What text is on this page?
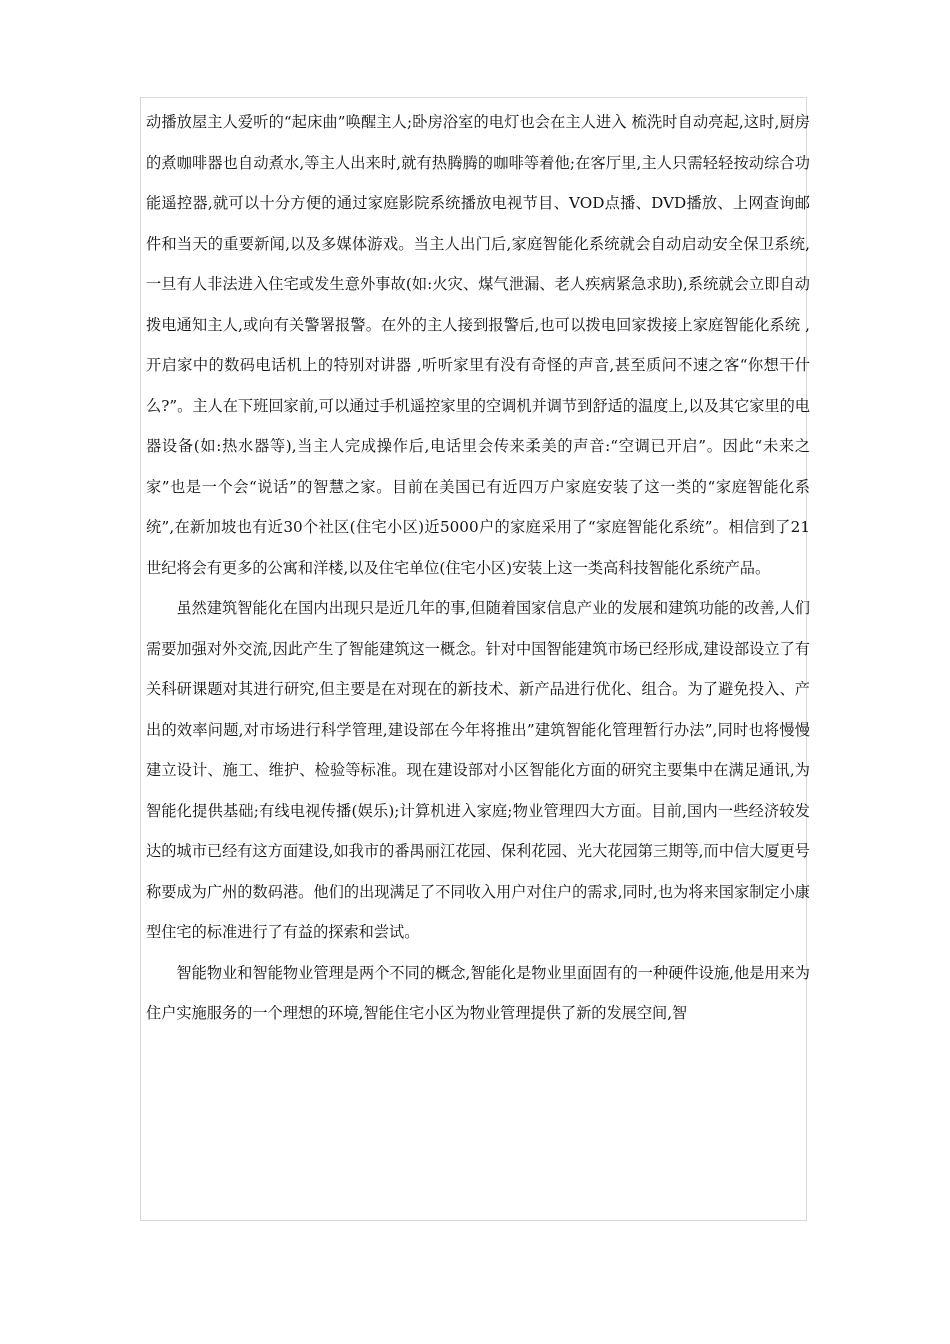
动播放屋主人爱听的“起床曲”唤醒主人;卧房浴室的电灯也会在主人进入 梳洗时自动亮起,这时,厨房的煮咖啡器也自动煮水,等主人出来时,就有热腾腾的咖啡等着他;在客厅里,主人只需轻轻按动综合功能遥控器,就可以十分方便的通过家庭影院系统播放电视节目、VOD点播、DVD播放、上网查询邮件和当天的重要新闻,以及多媒体游戏。当主人出门后,家庭智能化系统就会自动启动安全保卫系统,一旦有人非法进入住宅或发生意外事故(如:火灾、煤气泄漏、老人疾病紧急求助),系统就会立即自动拨电通知主人,或向有关警署报警。在外的主人接到报警后,也可以拨电回家拨接上家庭智能化系统 ,开启家中的数码电话机上的特别对讲器 ,听听家里有没有奇怪的声音,甚至质问不速之客“你想干什么?”。主人在下班回家前,可以通过手机遥控家里的空调机并调节到舒适的温度上,以及其它家里的电器设备(如:热水器等),当主人完成操作后,电话里会传来柔美的声音:“空调已开启”。因此“未来之家”也是一个会“说话”的智慧之家。目前在美国已有近四万户家庭安装了这一类的“家庭智能化系统”,在新加坡也有近30个社区(住宅小区)近5000户的家庭采用了“家庭智能化系统”。相信到了21世纪将会有更多的公寓和洋楼,以及住宅单位(住宅小区)安装上这一类高科技智能化系统产品。

虽然建筑智能化在国内出现只是近几年的事,但随着国家信息产业的发展和建筑功能的改善,人们需要加强对外交流,因此产生了智能建筑这一概念。针对中国智能建筑市场已经形成,建设部设立了有关科研课题对其进行研究,但主要是在对现在的新技术、新产品进行优化、组合。为了避免投入、产出的效率问题,对市场进行科学管理,建设部在今年将推出”建筑智能化管理暂行办法”,同时也将慢慢建立设计、施工、维护、检验等标准。现在建设部对小区智能化方面的研究主要集中在满足通讯,为智能化提供基础;有线电视传播(娱乐);计算机进入家庭;物业管理四大方面。目前,国内一些经济较发达的城市已经有这方面建设,如我市的番禺丽江花园、保利花园、光大花园第三期等,而中信大厦更号称要成为广州的数码港。他们的出现满足了不同收入用户对住户的需求,同时,也为将来国家制定小康型住宅的标准进行了有益的探索和尝试。

智能物业和智能物业管理是两个不同的概念,智能化是物业里面固有的一种硬件设施,他是用来为住户实施服务的一个理想的环境,智能住宅小区为物业管理提供了新的发展空间,智
